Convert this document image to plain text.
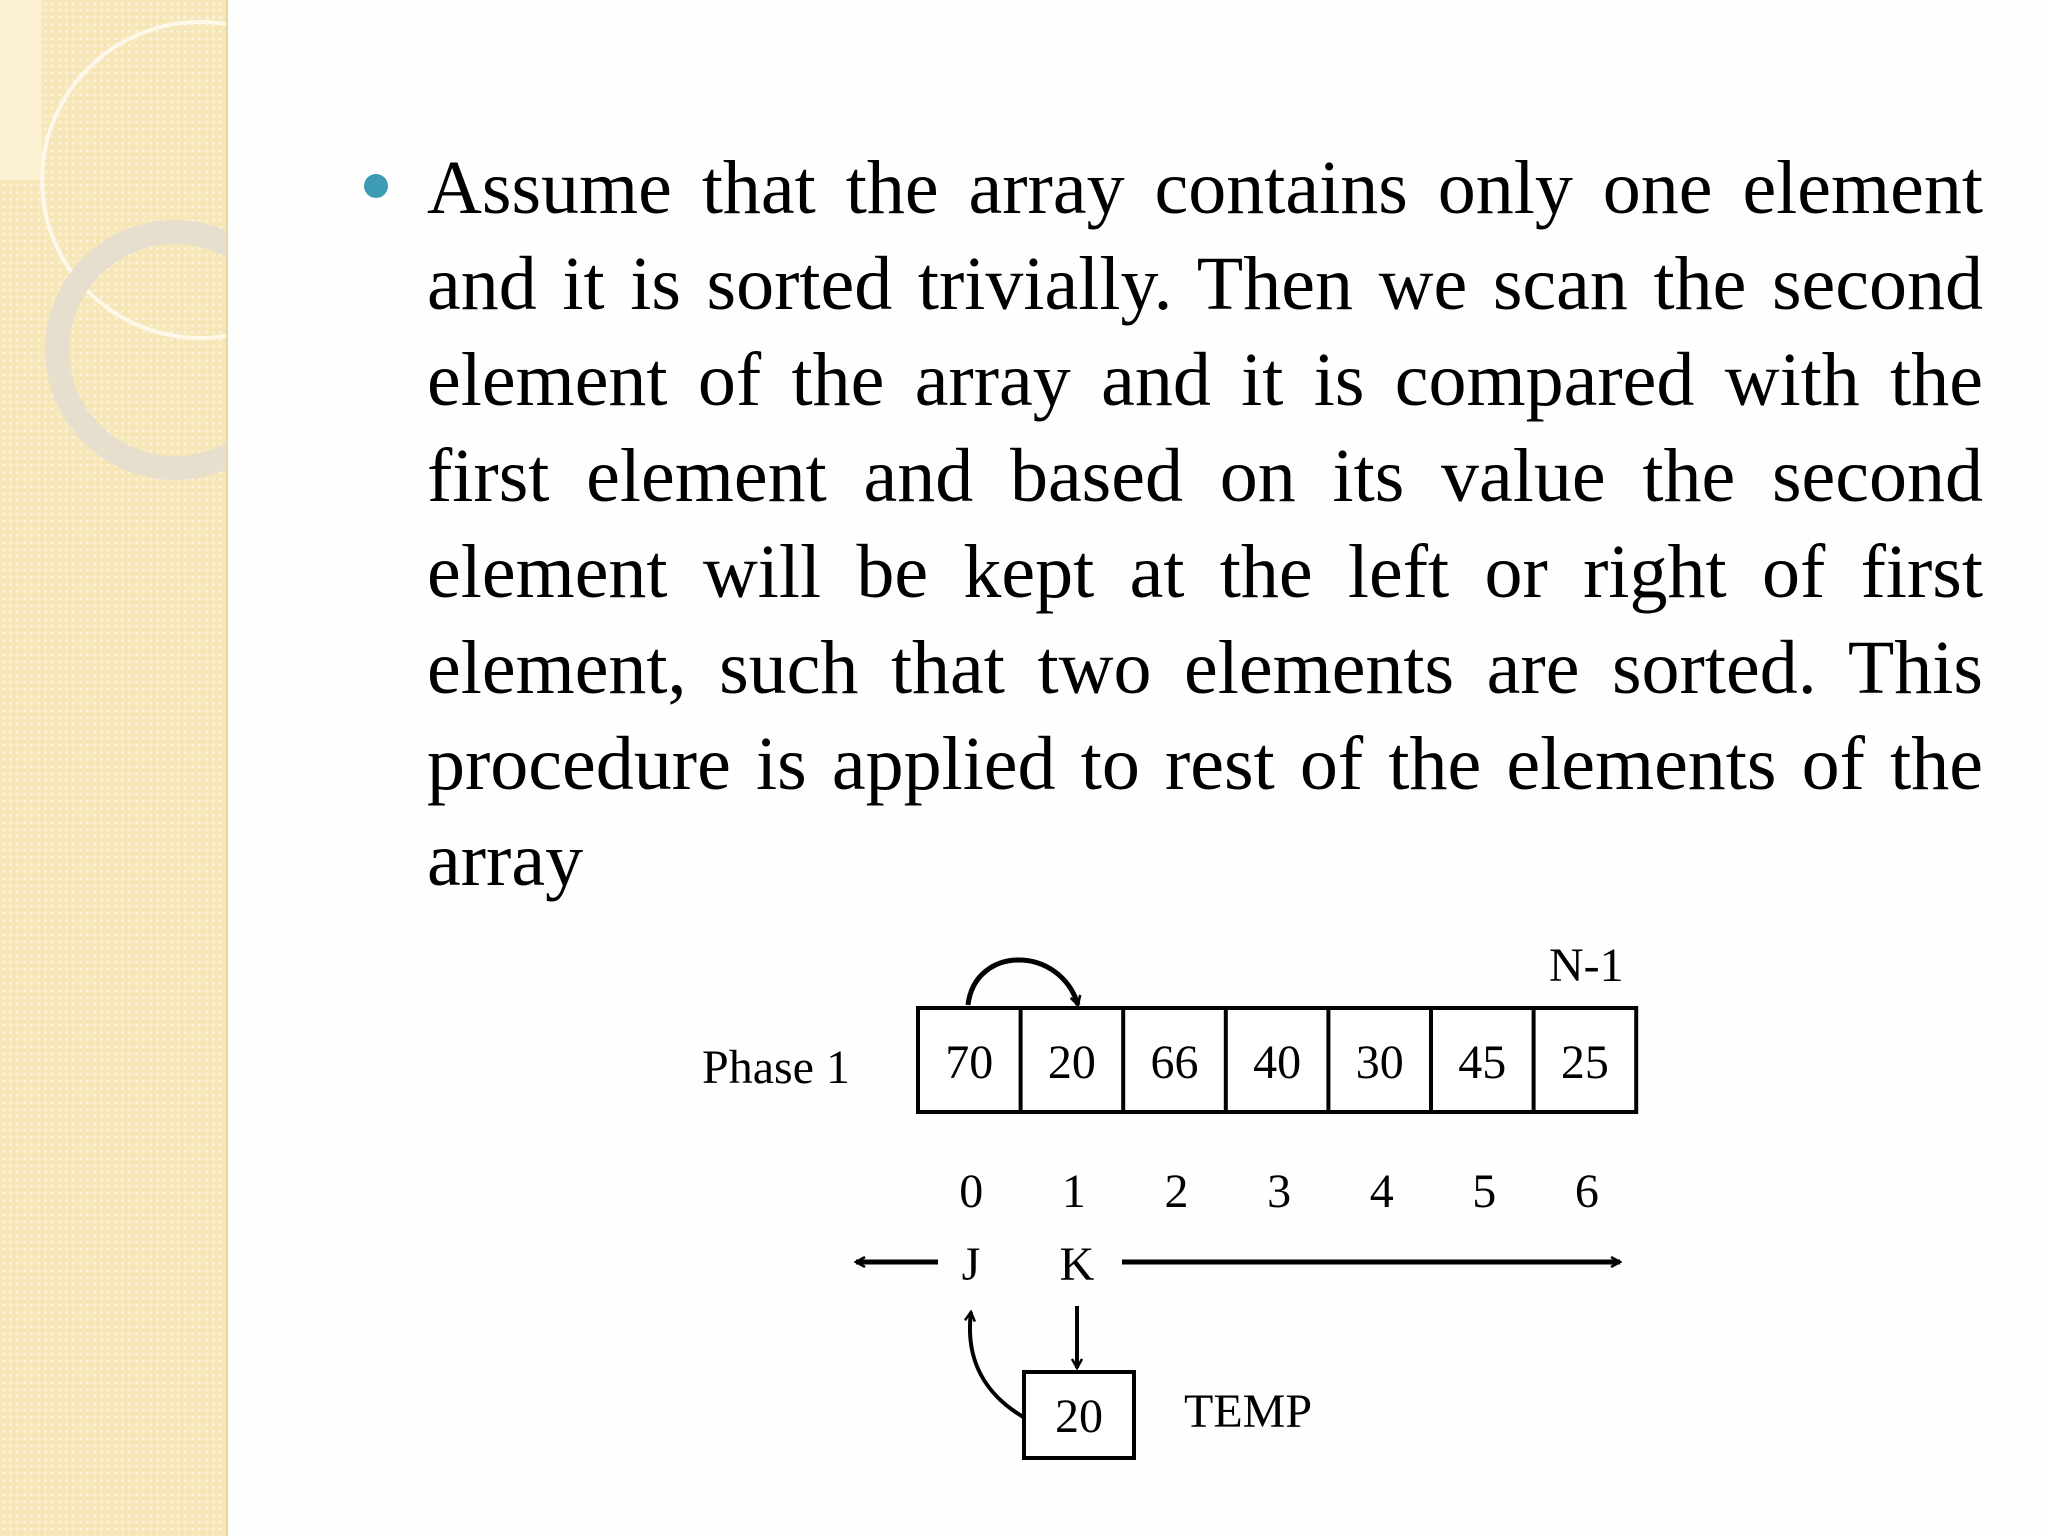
Assume that the array contains only one element and it is sorted trivially. Then we scan the second element of the array and it is compared with the first element and based on its value the second element will be kept at the left or right of first element, such that two elements are sorted. This procedure is applied to rest of the elements of the array

Phase 1
N-1
70 20 66 40 30 45 25
0 1 2 3 4 5 6
J K
20 TEMP
